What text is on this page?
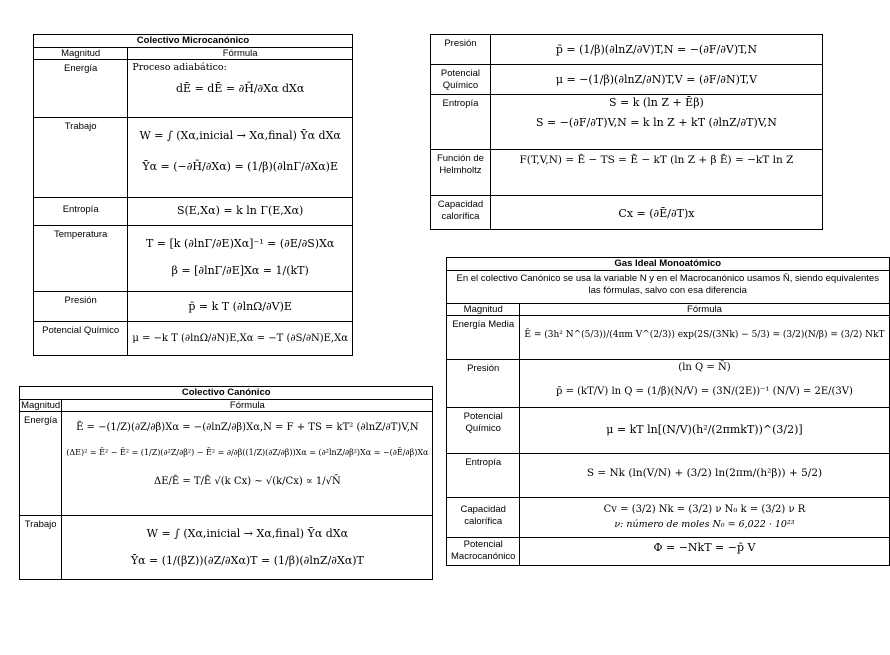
Colectivo Microcanónico	
Magnitud	Fórmula
Energía	Proceso adiabático:
dĒ = dĒ = ∂H̄/∂Xα dXα

Trabajo	W = ∫ (Xα,inicial → Xα,final) Ȳα dXα
Ȳα = (−∂H̄/∂Xα) = (1/β)(∂lnΓ/∂Xα)E

Entropía	S(E,Xα) = k ln Γ(E,Xα)

Temperatura	T = [k (∂lnΓ/∂E)Xα]⁻¹ = (∂E/∂S)Xα
β = [∂lnΓ/∂E]Xα = 1/(kT)

Presión	p̄ = k T (∂lnΩ/∂V)E

Potencial Químico	μ = −k T (∂lnΩ/∂N)E,Xα = −T (∂S/∂N)E,Xα
Presión	p̄ = (1/β)(∂lnZ/∂V)T,N = −(∂F/∂V)T,N

Potencial Químico	μ = −(1/β)(∂lnZ/∂N)T,V = (∂F/∂N)T,V

Entropía	S = k (ln Z + Ēβ)
S = −(∂F/∂T)V,N = k ln Z + kT (∂lnZ/∂T)V,N

Función de Helmholtz	F(T,V,N) = Ē − TS = Ē − kT (ln Z + β Ē) = −kT ln Z

Capacidad calorífica	Cx = (∂Ē/∂T)x
Colectivo Canónico	
Magnitud	Fórmula
Energía	Ē = −(1/Z)(∂Z/∂β)Xα = −(∂lnZ/∂β)Xα,N = F + TS = kT² (∂lnZ/∂T)V,N
(ΔE)² = Ē² − Ē² = (1/Z)(∂²Z/∂β²) − Ē² = ∂/∂β((1/Z)(∂Z/∂β))Xα = (∂²lnZ/∂β²)Xα = −(∂Ē/∂β)Xα
ΔE/Ē = T/Ē √(k Cx) ∼ √(k/Cx) ∝ 1/√N̄

Trabajo	W = ∫ (Xα,inicial → Xα,final) Ȳα dXα
Ȳα = (1/(βZ))(∂Z/∂Xα)T = (1/β)(∂lnZ/∂Xα)T
Gas Ideal Monoatómico	
En el colectivo Canónico se usa la variable N y en el Macrocanónico usamos N̄, siendo equivalentes las fórmulas, salvo con esa diferencia	
Magnitud	Fórmula
Energía Media	Ē = (3h² N^(5/3))/(4πm V^(2/3)) exp(2S/(3Nk) − 5/3) = (3/2)(N/β) = (3/2) NkT

Presión	(ln Q = N̄)
p̄ = (kT/V) ln Q = (1/β)(N/V) = (3N/(2E))⁻¹ (N/V) = 2E/(3V)

Potencial Químico	μ = kT ln[(N/V)(h²/(2πmkT))^(3/2)]

Entropía	S = Nk (ln(V/N) + (3/2) ln(2πm/(h²β)) + 5/2)

Capacidad calorífica	Cv = (3/2) Nk = (3/2) ν N₀ k = (3/2) ν R
ν: número de moles N₀ = 6,022 · 10²³

Potencial Macrocanónico	Φ = −NkT = −p̄ V
